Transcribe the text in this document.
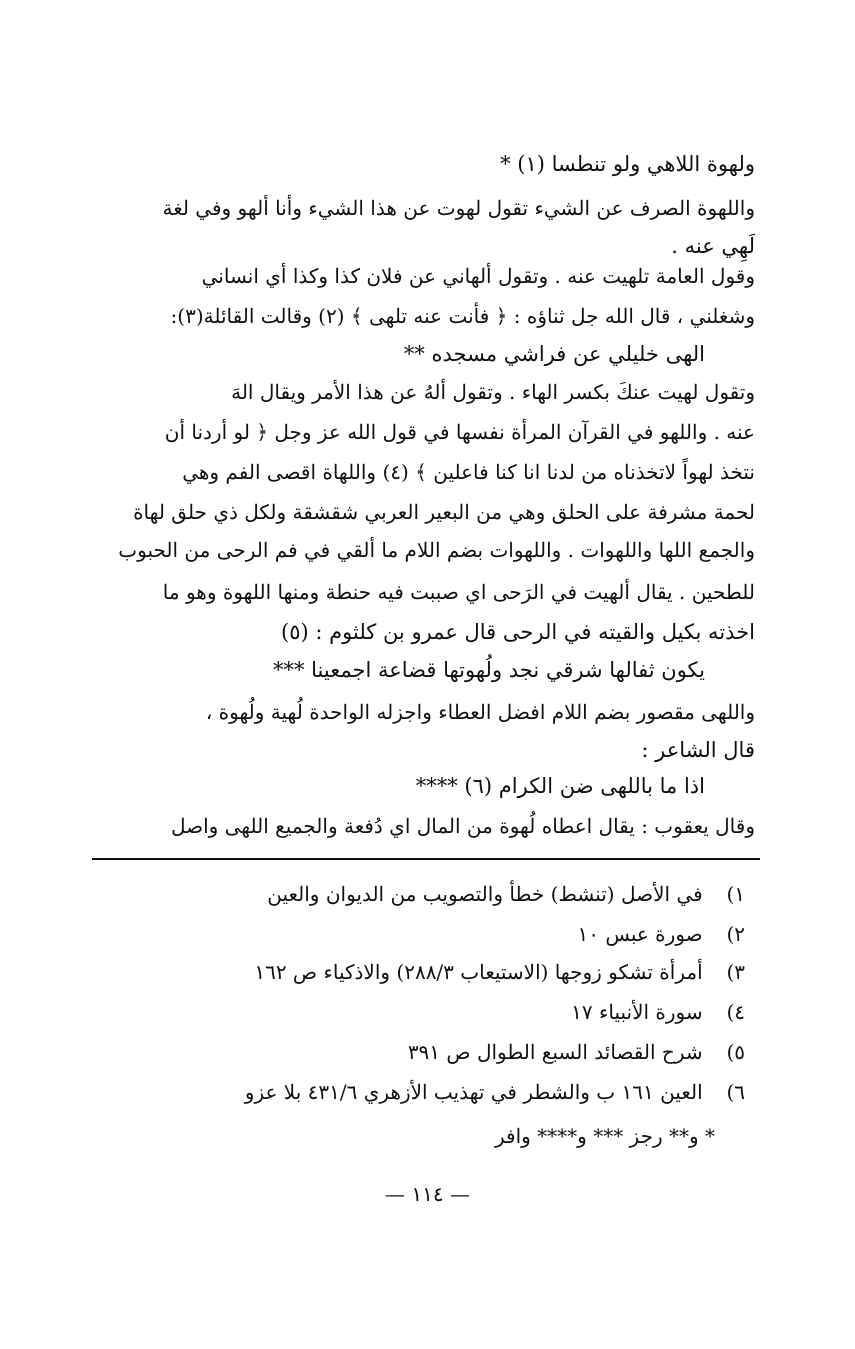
ولهوة اللاهي ولو تنطسا (١) *
واللهوة الصرف عن الشيء تقول لهوت عن هذا الشيء وأنا ألهو وفي لغة
لَهِي عنه .
وقول العامة تلهيت عنه . وتقول ألهاني عن فلان كذا وكذا أي انساني
وشغلني ، قال الله جل ثناؤه : ﴿ فأنت عنه تلهى ﴾ (٢) وقالت القائلة(٣):
الهى خليلي عن فراشي مسجده **
وتقول لهيت عنكَ بكسر الهاء . وتقول ألهُ عن هذا الأمر ويقال الهَ
عنه . واللهو في القرآن المرأة نفسها في قول الله عز وجل ﴿ لو أردنا أن
نتخذ لهواً لاتخذناه من لدنا انا كنا فاعلين ﴾ (٤) واللهاة اقصى الفم وهي
لحمة مشرفة على الحلق وهي من البعير العربي شقشقة ولكل ذي حلق لهاة
والجمع اللها واللهوات . واللهوات بضم اللام ما ألقي في فم الرحى من الحبوب
للطحين . يقال ألهيت في الرَحى اي صببت فيه حنطة ومنها اللهوة وهو ما
اخذته بكيل والقيته في الرحى قال عمرو بن كلثوم : (٥)
يكون ثفالها شرقي نجد ولُهوتها قضاعة اجمعينا ***
واللهى مقصور بضم اللام افضل العطاء واجزله الواحدة لُهية ولُهوة ،
قال الشاعر :
اذا ما باللهى ضن الكرام (٦) ****
وقال يعقوب : يقال اعطاه لُهوة من المال اي دُفعة والجميع اللهى واصل
١) في الأصل (تنشط) خطأ والتصويب من الديوان والعين
٢) صورة عبس ١٠
٣) أمرأة تشكو زوجها (الاستيعاب ٢٨٨/٣) والاذكياء ص ١٦٢
٤) سورة الأنبياء ١٧
٥) شرح القصائد السبع الطوال ص ٣٩١
٦) العين ١٦١ ب والشطر في تهذيب الأزهري ٤٣١/٦ بلا عزو
* و** رجز *** و**** وافر
— ١١٤ —
